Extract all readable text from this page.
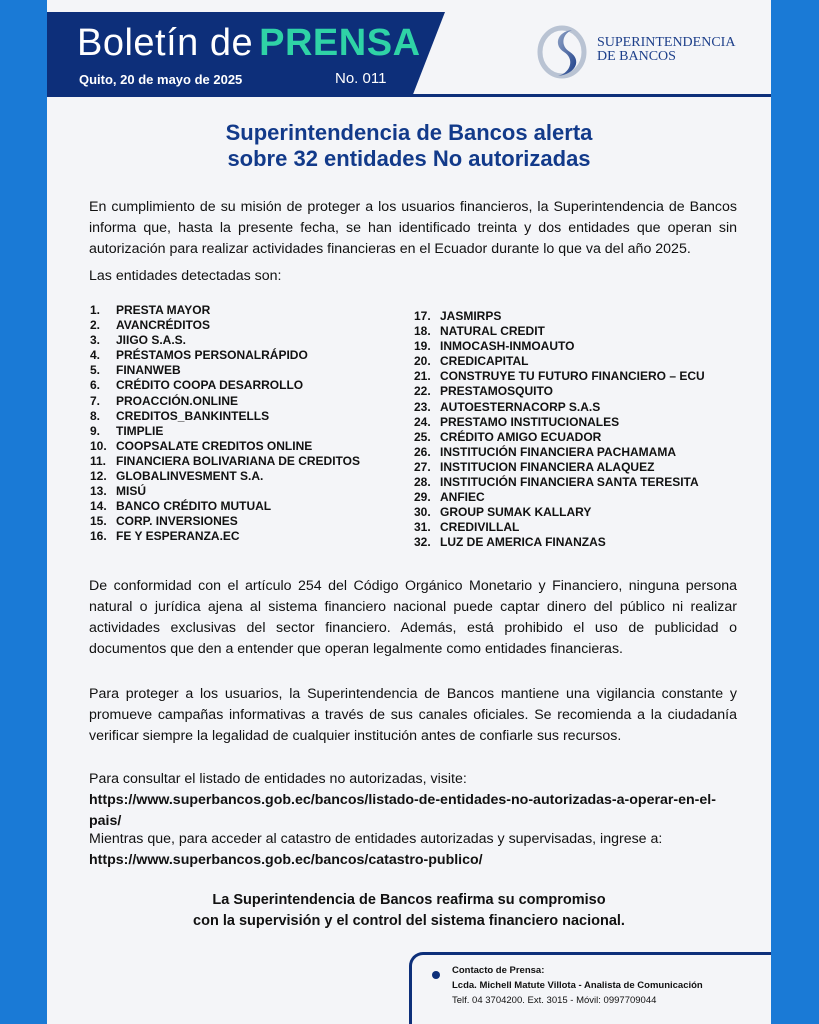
Boletín de PRENSA
Quito, 20 de mayo de 2025	No. 011
SUPERINTENDENCIA
DE BANCOS
Superintendencia de Bancos alerta
sobre 32 entidades No autorizadas
En cumplimiento de su misión de proteger a los usuarios financieros, la Superintendencia de Bancos informa que, hasta la presente fecha, se han identificado treinta y dos entidades que operan sin autorización para realizar actividades financieras en el Ecuador durante lo que va del año 2025.
Las entidades detectadas son:
1.	PRESTA MAYOR
2.	AVANCRÉDITOS
3.	JIIGO S.A.S.
4.	PRÉSTAMOS PERSONALRÁPIDO
5.	FINANWEB
6.	CRÉDITO COOPA DESARROLLO
7.	PROACCIÓN.ONLINE
8.	CREDITOS_BANKINTELLS
9.	TIMPLIE
10. COOPSALATE CREDITOS ONLINE
11. FINANCIERA BOLIVARIANA DE CREDITOS
12. GLOBALINVESMENT S.A.
13. MISÚ
14. BANCO CRÉDITO MUTUAL
15. CORP. INVERSIONES
16. FE Y ESPERANZA.EC
17. JASMIRPS
18. NATURAL CREDIT
19. INMOCASH-INMOAUTO
20. CREDICAPITAL
21. CONSTRUYE TU FUTURO FINANCIERO – ECU
22. PRESTAMOSQUITO
23. AUTOESTERNACORP S.A.S
24. PRESTAMO INSTITUCIONALES
25. CRÉDITO AMIGO ECUADOR
26. INSTITUCIÓN FINANCIERA PACHAMAMA
27. INSTITUCION FINANCIERA ALAQUEZ
28. INSTITUCIÓN FINANCIERA SANTA TERESITA
29. ANFIEC
30. GROUP SUMAK KALLARY
31. CREDIVILLAL
32. LUZ DE AMERICA FINANZAS
De conformidad con el artículo 254 del Código Orgánico Monetario y Financiero, ninguna persona natural o jurídica ajena al sistema financiero nacional puede captar dinero del público ni realizar actividades exclusivas del sector financiero. Además, está prohibido el uso de publicidad o documentos que den a entender que operan legalmente como entidades financieras.
Para proteger a los usuarios, la Superintendencia de Bancos mantiene una vigilancia constante y promueve campañas informativas a través de sus canales oficiales. Se recomienda a la ciudadanía verificar siempre la legalidad de cualquier institución antes de confiarle sus recursos.
Para consultar el listado de entidades no autorizadas, visite:
https://www.superbancos.gob.ec/bancos/listado-de-entidades-no-autorizadas-a-operar-en-el-pais/
Mientras que, para acceder al catastro de entidades autorizadas y supervisadas, ingrese a:
https://www.superbancos.gob.ec/bancos/catastro-publico/
La Superintendencia de Bancos reafirma su compromiso
con la supervisión y el control del sistema financiero nacional.
Contacto de Prensa:
Lcda. Michell Matute Villota - Analista de Comunicación
Telf. 04 3704200. Ext. 3015 - Móvil: 0997709044
